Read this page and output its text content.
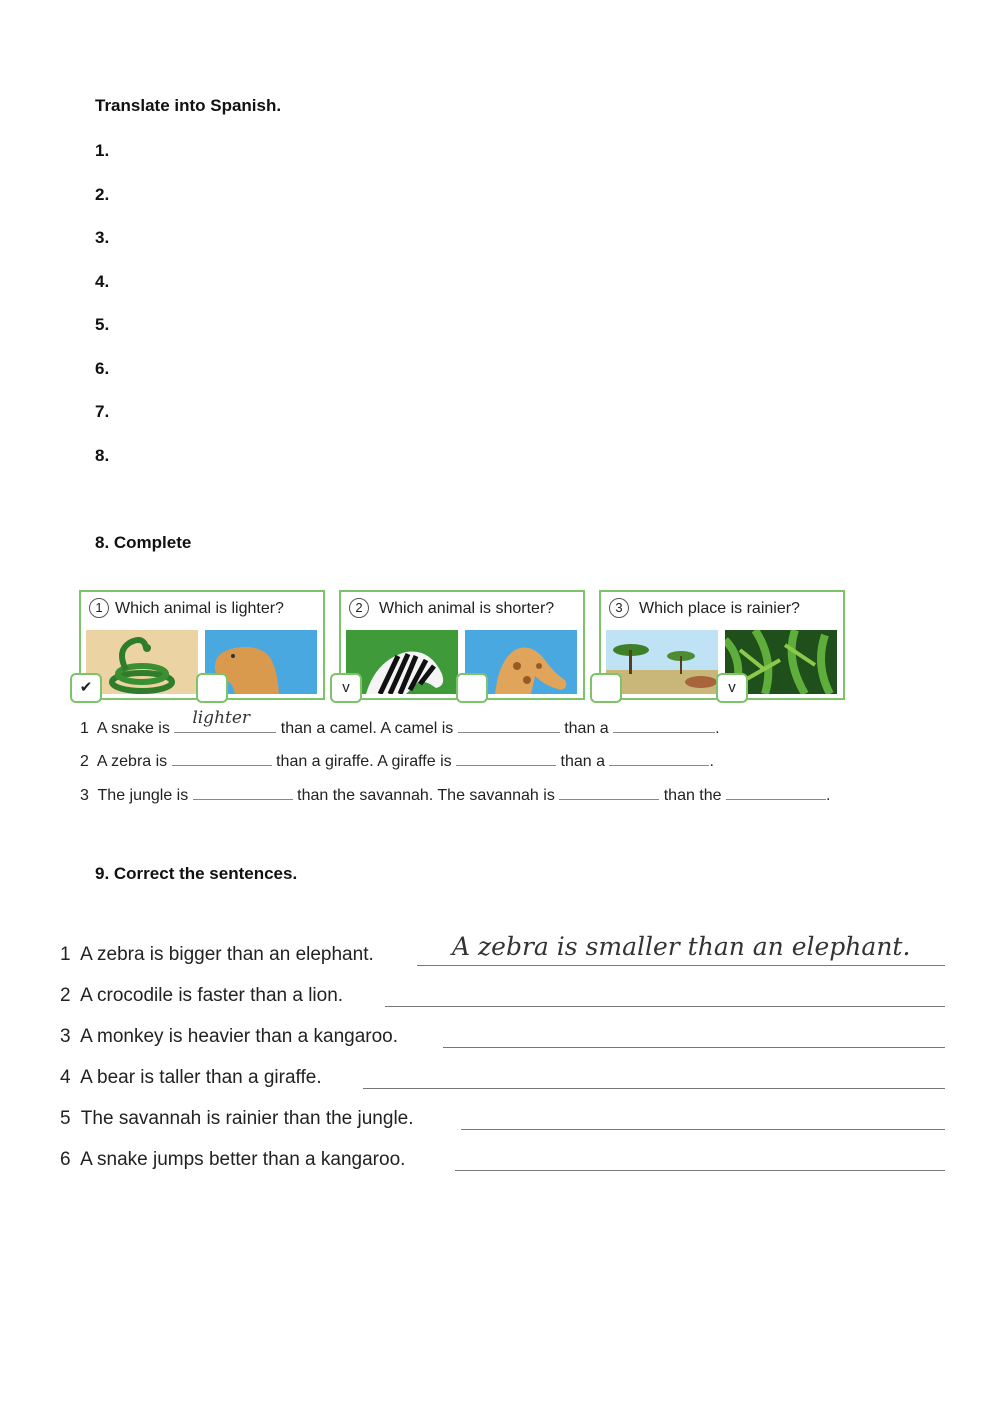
Translate into Spanish.
1.
2.
3.
4.
5.
6.
7.
8.
8. Complete
1 Which animal is lighter?
✔
2	Which animal is shorter?
v
3	Which place is rainier?
v
1 A snake is
lighter
than a camel. A camel is	than a	.
2 A zebra is	than a giraffe. A giraffe is	than a	.
3 The jungle is	than the savannah. The savannah is	than the	.
9. Correct the sentences.
1 A zebra is bigger than an elephant.	A zebra is smaller than an elephant.
2 A crocodile is faster than a lion.
3 A monkey is heavier than a kangaroo.
4 A bear is taller than a giraffe.
5 The savannah is rainier than the jungle.
6 A snake jumps better than a kangaroo.
